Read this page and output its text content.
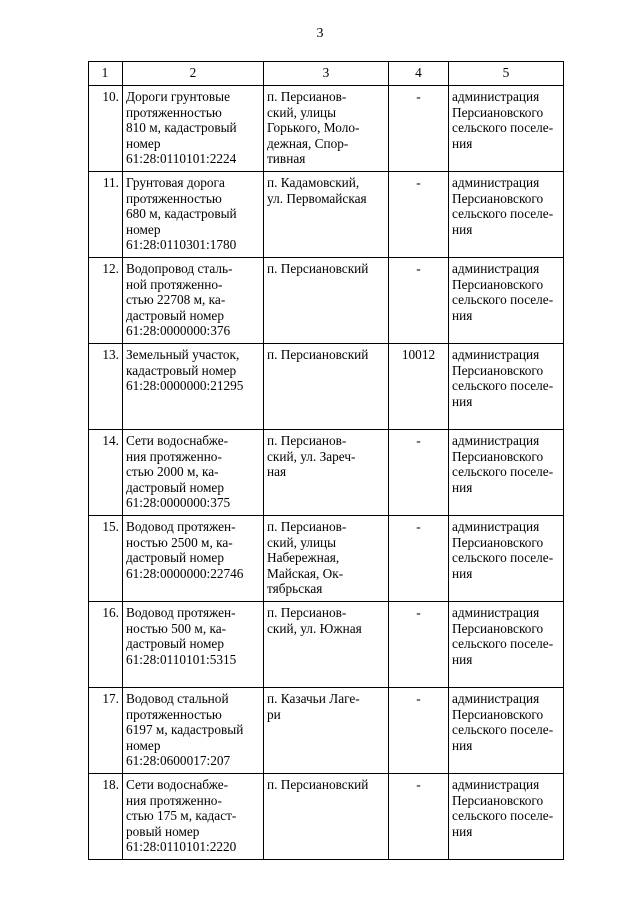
3
1	2	3	4	5
10.	Дороги грунтовые
протяженностью
810 м, кадастровый
номер
61:28:0110101:2224	п. Персианов-
ский, улицы
Горького, Моло-
дежная, Спор-
тивная	-	администрация
Персиановского
сельского поселе-
ния

11.	Грунтовая дорога
протяженностью
680 м, кадастровый
номер
61:28:0110301:1780	п. Кадамовский,
ул. Первомайская	-	администрация
Персиановского
сельского поселе-
ния

12.	Водопровод сталь-
ной протяженно-
стью 22708 м, ка-
дастровый номер
61:28:0000000:376	п. Персиановский	-	администрация
Персиановского
сельского поселе-
ния

13.	Земельный участок,
кадастровый номер
61:28:0000000:21295	п. Персиановский	10012	администрация
Персиановского
сельского поселе-
ния

14.	Сети водоснабже-
ния протяженно-
стью 2000 м, ка-
дастровый номер
61:28:0000000:375	п. Персианов-
ский, ул. Зареч-
ная	-	администрация
Персиановского
сельского поселе-
ния

15.	Водовод протяжен-
ностью 2500 м, ка-
дастровый номер
61:28:0000000:22746	п. Персианов-
ский, улицы
Набережная,
Майская, Ок-
тябрьская	-	администрация
Персиановского
сельского поселе-
ния

16.	Водовод протяжен-
ностью 500 м, ка-
дастровый номер
61:28:0110101:5315	п. Персианов-
ский, ул. Южная	-	администрация
Персиановского
сельского поселе-
ния

17.	Водовод стальной
протяженностью
6197 м, кадастровый
номер
61:28:0600017:207	п. Казачьи Лаге-
ри	-	администрация
Персиановского
сельского поселе-
ния

18.	Сети водоснабже-
ния протяженно-
стью 175 м, кадаст-
ровый номер
61:28:0110101:2220	п. Персиановский	-	администрация
Персиановского
сельского поселе-
ния
